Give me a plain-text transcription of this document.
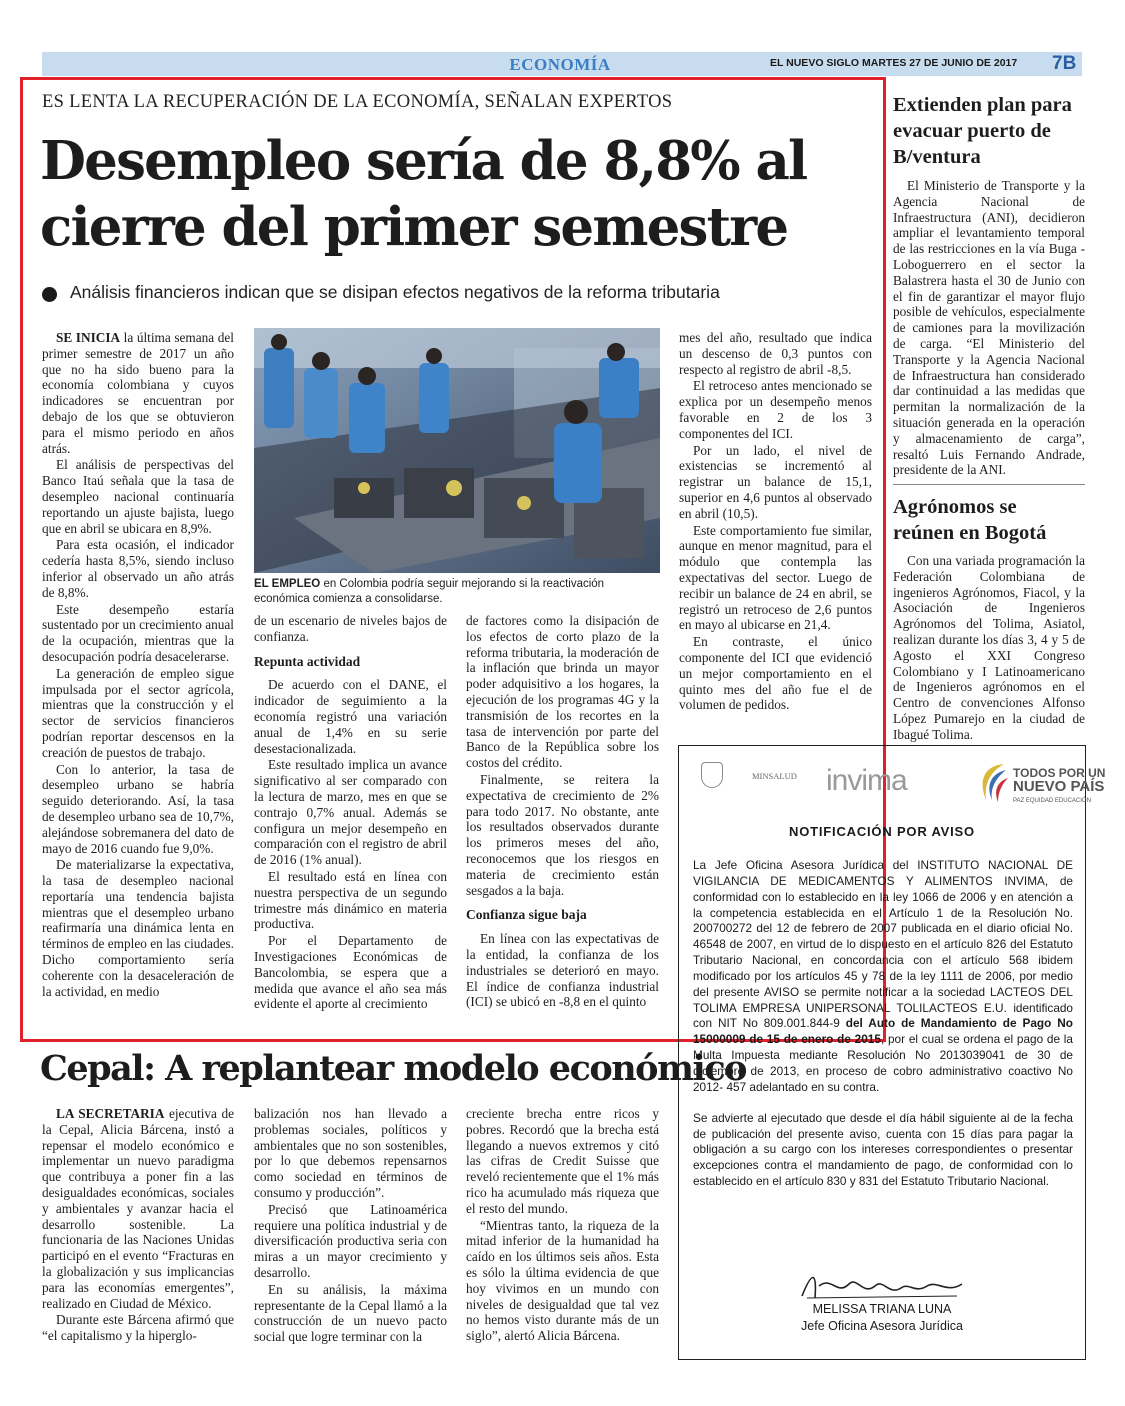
ECONOMÍA	EL NUEVO SIGLO MARTES 27 DE JUNIO DE 2017 7B
ES LENTA LA RECUPERACIÓN DE LA ECONOMÍA, SEÑALAN EXPERTOS
Desempleo sería de 8,8% al
cierre del primer semestre
Análisis financieros indican que se disipan efectos negativos de la reforma tributaria

SE INICIA la última semana del primer semestre de 2017 un año que no ha sido bueno para la economía colombiana y cuyos indicadores se encuentran por debajo de los que se obtuvieron para el mismo periodo en años atrás.

El análisis de perspectivas del Banco Itaú señala que la tasa de desempleo nacional continuaría reportando un ajuste bajista, luego que en abril se ubicara en 8,9%.

Para esta ocasión, el indicador cedería hasta 8,5%, siendo incluso inferior al observado un año atrás de 8,8%.

Este desempeño estaría sustentado por un crecimiento anual de la ocupación, mientras que la desocupación podría desacelerarse.

La generación de empleo sigue impulsada por el sector agrícola, mientras que la construcción y el sector de servicios financieros podrían reportar descensos en la creación de puestos de trabajo.

Con lo anterior, la tasa de desempleo urbano se habría seguido deteriorando. Así, la tasa de desempleo urbano sea de 10,7%, alejándose sobremanera del dato de mayo de 2016 cuando fue 9,0%.

De materializarse la expectativa, la tasa de desempleo nacional reportaría una tendencia bajista mientras que el desempleo urbano reafirmaría una dinámica lenta en términos de empleo en las ciudades. Dicho comportamiento sería coherente con la desaceleración de la actividad, en medio

EL EMPLEO en Colombia podría seguir mejorando si la reactivación económica comienza a consolidarse.

de un escenario de niveles bajos de confianza.

Repunta actividad

De acuerdo con el DANE, el indicador de seguimiento a la economía registró una variación anual de 1,4% en su serie desestacionalizada.

Este resultado implica un avance significativo al ser comparado con la lectura de marzo, mes en que se contrajo 0,7% anual. Además se configura un mejor desempeño en comparación con el registro de abril de 2016 (1% anual).

El resultado está en línea con nuestra perspectiva de un segundo trimestre más dinámico en materia productiva.

Por el Departamento de Investigaciones Económicas de Bancolombia, se espera que a medida que avance el año sea más evidente el aporte al crecimiento

de factores como la disipación de los efectos de corto plazo de la reforma tributaria, la moderación de la inflación que brinda un mayor poder adquisitivo a los hogares, la ejecución de los programas 4G y la transmisión de los recortes en la tasa de intervención por parte del Banco de la República sobre los costos del crédito.

Finalmente, se reitera la expectativa de crecimiento de 2% para todo 2017. No obstante, ante los resultados observados durante los primeros meses del año, reconocemos que los riesgos en materia de crecimiento están sesgados a la baja.

Confianza sigue baja

En línea con las expectativas de la entidad, la confianza de los industriales se deterioró en mayo. El índice de confianza industrial (ICI) se ubicó en -8,8 en el quinto

mes del año, resultado que indica un descenso de 0,3 puntos con respecto al registro de abril -8,5.

El retroceso antes mencionado se explica por un desempeño menos favorable en 2 de los 3 componentes del ICI.

Por un lado, el nivel de existencias se incrementó al registrar un balance de 15,1, superior en 4,6 puntos al observado en abril (10,5).

Este comportamiento fue similar, aunque en menor magnitud, para el módulo que contempla las expectativas del sector. Luego de recibir un balance de 24 en abril, se registró un retroceso de 2,6 puntos en mayo al ubicarse en 21,4.

En contraste, el único componente del ICI que evidenció un mejor comportamiento en el quinto mes del año fue el de volumen de pedidos.

Extienden plan para evacuar puerto de B/ventura

El Ministerio de Transporte y la Agencia Nacional de Infraestructura (ANI), decidieron ampliar el levantamiento temporal de las restricciones en la vía Buga - Loboguerrero en el sector la Balastrera hasta el 30 de Junio con el fin de garantizar el mayor flujo posible de vehículos, especialmente de camiones para la movilización de carga. “El Ministerio del Transporte y la Agencia Nacional de Infraestructura han considerado dar continuidad a las medidas que permitan la normalización de la situación generada en la operación y almacenamiento de carga”, resaltó Luis Fernando Andrade, presidente de la ANI.

Agrónomos se reúnen en Bogotá

Con una variada programación la Federación Colombiana de ingenieros Agrónomos, Fiacol, y la Asociación de Ingenieros Agrónomos del Tolima, Asiatol, realizan durante los días 3, 4 y 5 de Agosto el XXI Congreso Colombiano y I Latinoamericano de Ingenieros agrónomos en el Centro de convenciones Alfonso López Pumarejo en la ciudad de Ibagué Tolima.

Cepal: A replantear modelo económico

LA SECRETARIA ejecutiva de la Cepal, Alicia Bárcena, instó a repensar el modelo económico e implementar un nuevo paradigma que contribuya a poner fin a las desigualdades económicas, sociales y ambientales y avanzar hacia el desarrollo sostenible. La funcionaria de las Naciones Unidas participó en el evento “Fracturas en la globalización y sus implicancias para las economías emergentes”, realizado en Ciudad de México.

Durante este Bárcena afirmó que “el capitalismo y la hiperglo-

balización nos han llevado a problemas sociales, políticos y ambientales que no son sostenibles, por lo que debemos repensarnos como sociedad en términos de consumo y producción”.

Precisó que Latinoamérica requiere una política industrial y de diversificación productiva seria con miras a un mayor crecimiento y desarrollo.

En su análisis, la máxima representante de la Cepal llamó a la construcción de un nuevo pacto social que logre terminar con la

creciente brecha entre ricos y pobres. Recordó que la brecha está llegando a nuevos extremos y citó las cifras de Credit Suisse que reveló recientemente que el 1% más rico ha acumulado más riqueza que el resto del mundo.

“Mientras tanto, la riqueza de la mitad inferior de la humanidad ha caído en los últimos seis años. Esta es sólo la última evidencia de que hoy vivimos en un mundo con niveles de desigualdad que tal vez no hemos visto durante más de un siglo”, alertó Alicia Bárcena.

NOTIFICACIÓN POR AVISO

La Jefe Oficina Asesora Jurídica del INSTITUTO NACIONAL DE VIGILANCIA DE MEDICAMENTOS Y ALIMENTOS INVIMA, de conformidad con lo establecido en la ley 1066 de 2006 y en atención a la competencia establecida en el Artículo 1 de la Resolución No. 200700272 del 12 de febrero de 2007 publicada en el diario oficial No. 46548 de 2007, en virtud de lo dispuesto en el artículo 826 del Estatuto Tributario Nacional, en concordancia con el artículo 568 ibidem modificado por los artículos 45 y 78 de la ley 1111 de 2006, por medio del presente AVISO se permite notificar a la sociedad LACTEOS DEL TOLIMA EMPRESA UNIPERSONAL TOLILACTEOS E.U. identificado con NIT No 809.001.844-9 del Auto de Mandamiento de Pago No 15000009 de 15 de enero de 2015, por el cual se ordena el pago de la Multa Impuesta mediante Resolución No 2013039041 de 30 de diciembre de 2013, en proceso de cobro administrativo coactivo No 2012- 457 adelantado en su contra.

Se advierte al ejecutado que desde el día hábil siguiente al de la fecha de publicación del presente aviso, cuenta con 15 días para pagar la obligación a su cargo con los intereses correspondientes o presentar excepciones contra el mandamiento de pago, de conformidad con lo establecido en el artículo 830 y 831 del Estatuto Tributario Nacional.

MELISSA TRIANA LUNA
Jefe Oficina Asesora Jurídica
MINSALUD invima	TODOS POR UN
NUEVO PAÍS
PAZ EQUIDAD EDUCACIÓN
